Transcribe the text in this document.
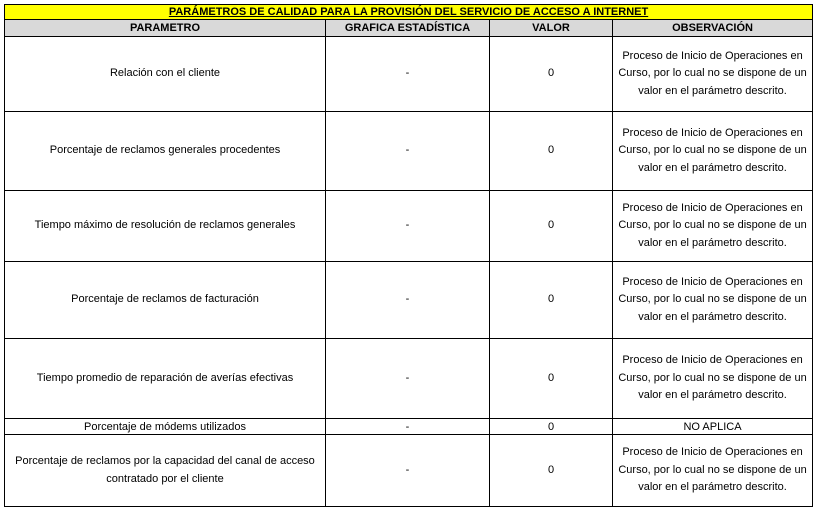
PARÁMETROS DE CALIDAD PARA LA PROVISIÓN DEL SERVICIO DE ACCESO A INTERNET			
PARAMETRO	GRAFICA ESTADÍSTICA	VALOR	OBSERVACIÓN
Relación con el cliente	-	0	Proceso de Inicio de Operaciones en Curso, por lo cual no se dispone de un valor en el parámetro descrito.
Porcentaje de reclamos generales procedentes	-	0	Proceso de Inicio de Operaciones en Curso, por lo cual no se dispone de un valor en el parámetro descrito.
Tiempo máximo de resolución de reclamos generales	-	0	Proceso de Inicio de Operaciones en Curso, por lo cual no se dispone de un valor en el parámetro descrito.
Porcentaje de reclamos de facturación	-	0	Proceso de Inicio de Operaciones en Curso, por lo cual no se dispone de un valor en el parámetro descrito.
Tiempo promedio de reparación de averías efectivas	-	0	Proceso de Inicio de Operaciones en Curso, por lo cual no se dispone de un valor en el parámetro descrito.
Porcentaje de módems utilizados	-	0	NO APLICA
Porcentaje de reclamos por la capacidad del canal de acceso contratado por el cliente	-	0	Proceso de Inicio de Operaciones en Curso, por lo cual no se dispone de un valor en el parámetro descrito.
